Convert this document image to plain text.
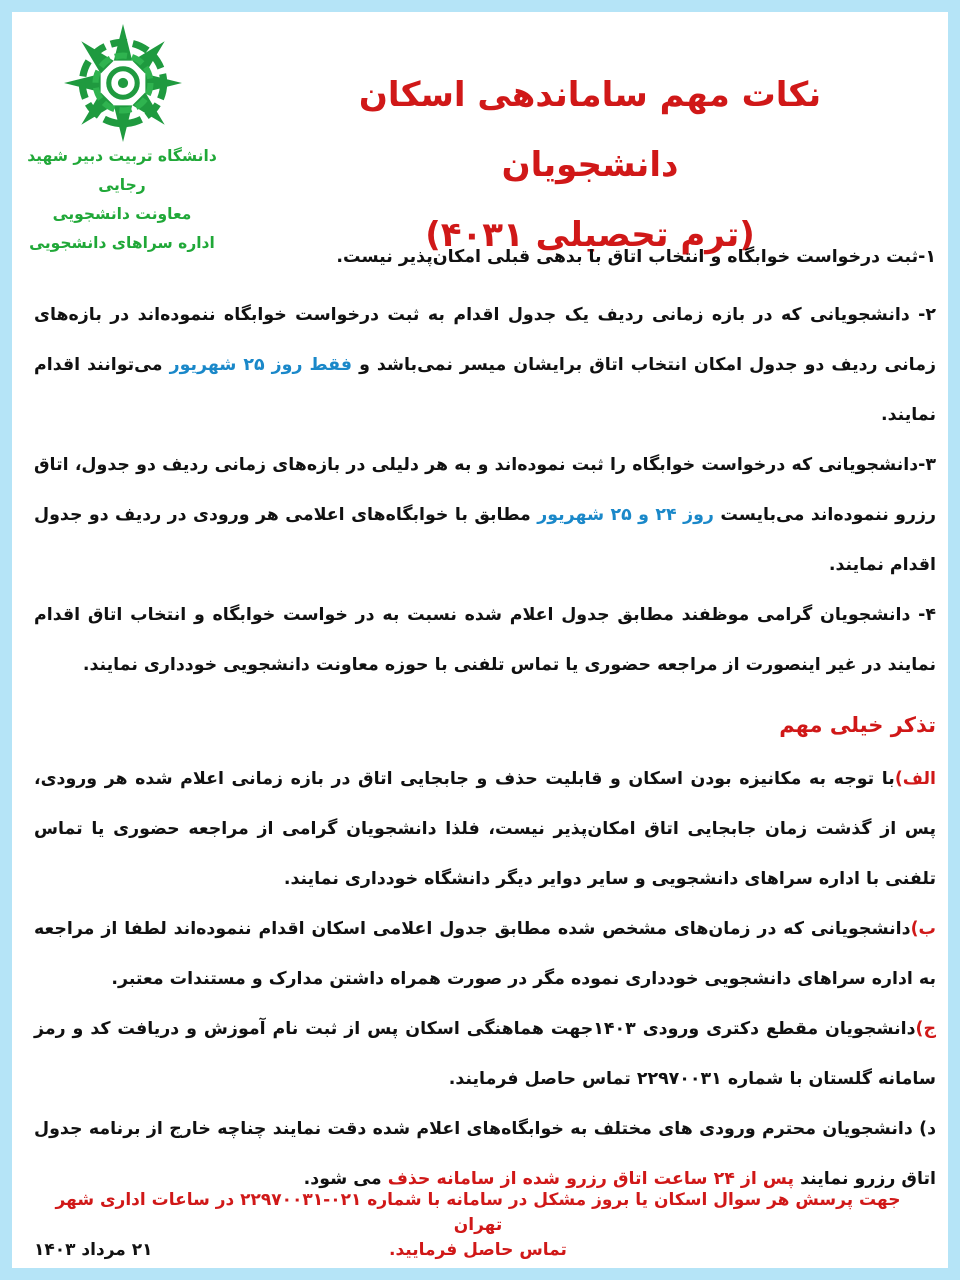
دانشگاه تربیت دبیر شهید رجایی
معاونت دانشجویی
اداره سراهای دانشجویی
نکات مهم ساماندهی اسکان دانشجویان
(ترم تحصیلی ۴۰۳۱)

۱-ثبت درخواست خوابگاه و انتخاب اتاق با بدهی قبلی امکان‌پذیر نیست.

۲- دانشجویانی که در بازه زمانی ردیف یک جدول اقدام به ثبت درخواست خوابگاه ننموده‌اند در بازه‌های زمانی ردیف دو جدول امکان انتخاب اتاق برایشان میسر نمی‌باشد و فقط روز ۲۵ شهریور می‌توانند اقدام نمایند.

۳-دانشجویانی که درخواست خوابگاه را ثبت نموده‌اند و به هر دلیلی در بازه‌های زمانی ردیف دو جدول، اتاق رزرو ننموده‌اند می‌بایست روز ۲۴ و ۲۵ شهریور مطابق با خوابگاه‌های اعلامی هر ورودی در ردیف دو جدول اقدام نمایند.

۴- دانشجویان گرامی موظفند مطابق جدول اعلام شده نسبت به در خواست خوابگاه و انتخاب اتاق اقدام نمایند در غیر اینصورت از مراجعه حضوری یا تماس تلفنی با حوزه معاونت دانشجویی خودداری نمایند.

تذکر خیلی مهم

الف)با توجه به مکانیزه بودن اسکان و قابلیت حذف و جابجایی اتاق در بازه زمانی اعلام شده هر ورودی، پس از گذشت زمان جابجایی اتاق امکان‌پذیر نیست، فلذا دانشجویان گرامی از مراجعه حضوری یا تماس تلفنی با اداره سراهای دانشجویی و سایر دوایر دیگر دانشگاه خودداری نمایند.

ب)دانشجویانی که در زمان‌های مشخص شده مطابق جدول اعلامی اسکان اقدام ننموده‌اند لطفا از مراجعه به اداره سراهای دانشجویی خودداری نموده مگر در صورت همراه داشتن مدارک و مستندات معتبر.

ج)دانشجویان مقطع دکتری ورودی ۱۴۰۳جهت هماهنگی اسکان پس از ثبت نام آموزش و دریافت کد و رمز سامانه گلستان با شماره ۲۲۹۷۰۰۳۱ تماس حاصل فرمایند.

د) دانشجویان محترم ورودی های مختلف به خوابگاه‌های اعلام شده دقت نمایند چناچه خارج از برنامه جدول اتاق رزرو نمایند پس از ۲۴ ساعت اتاق رزرو شده از سامانه حذف می شود.

جهت پرسش هر سوال اسکان یا بروز مشکل در سامانه با شماره ۰۲۱-۲۲۹۷۰۰۳۱ در ساعات اداری شهر تهران
تماس حاصل فرمایید.
۲۱ مرداد ۱۴۰۳
